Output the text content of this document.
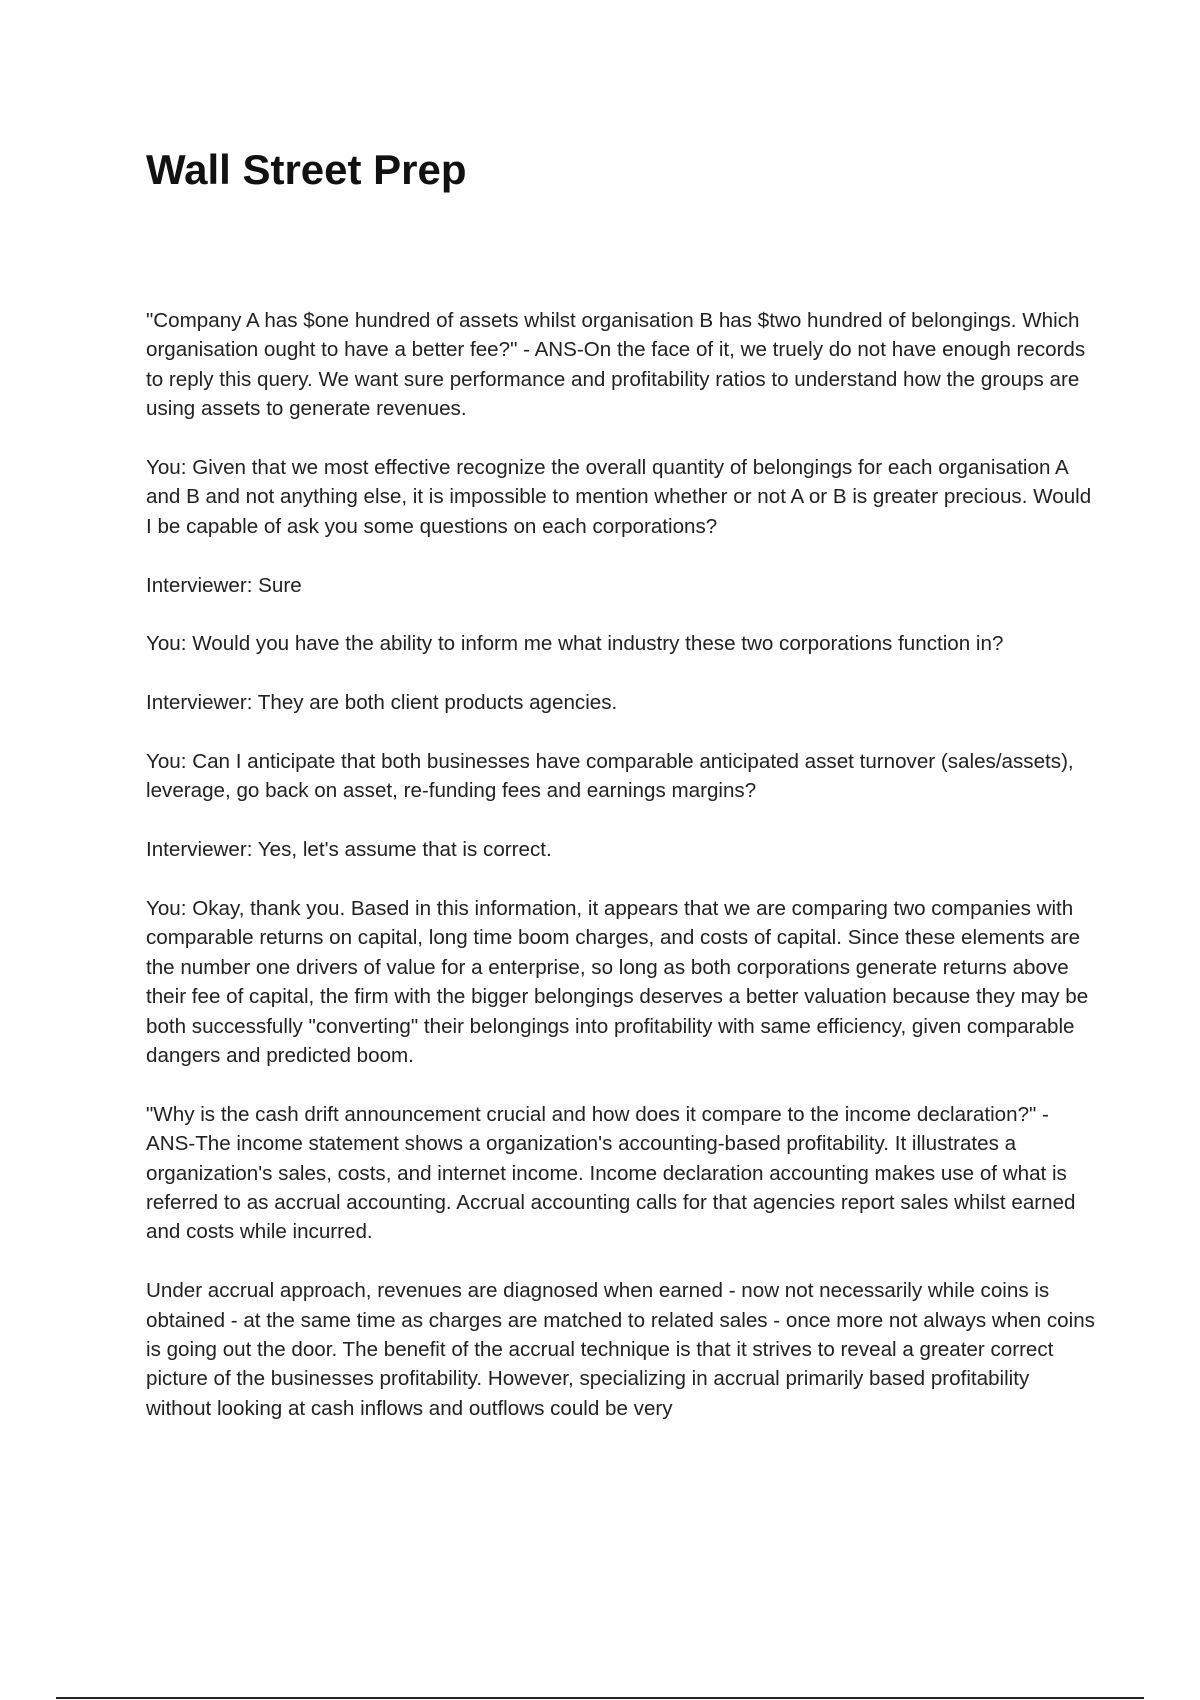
Wall Street Prep

"Company A has $one hundred of assets whilst organisation B has $two hundred of belongings. Which organisation ought to have a better fee?" - ANS-On the face of it, we truely do not have enough records to reply this query. We want sure performance and profitability ratios to understand how the groups are using assets to generate revenues.

You: Given that we most effective recognize the overall quantity of belongings for each organisation A and B and not anything else, it is impossible to mention whether or not A or B is greater precious. Would I be capable of ask you some questions on each corporations?

Interviewer: Sure

You: Would you have the ability to inform me what industry these two corporations function in?

Interviewer: They are both client products agencies.

You: Can I anticipate that both businesses have comparable anticipated asset turnover (sales/assets), leverage, go back on asset, re-funding fees and earnings margins?

Interviewer: Yes, let's assume that is correct.

You: Okay, thank you. Based in this information, it appears that we are comparing two companies with comparable returns on capital, long time boom charges, and costs of capital. Since these elements are the number one drivers of value for a enterprise, so long as both corporations generate returns above their fee of capital, the firm with the bigger belongings deserves a better valuation because they may be both successfully "converting" their belongings into profitability with same efficiency, given comparable dangers and predicted boom.

"Why is the cash drift announcement crucial and how does it compare to the income declaration?" - ANS-The income statement shows a organization's accounting-based profitability. It illustrates a organization's sales, costs, and internet income. Income declaration accounting makes use of what is referred to as accrual accounting. Accrual accounting calls for that agencies report sales whilst earned and costs while incurred.

Under accrual approach, revenues are diagnosed when earned - now not necessarily while coins is obtained - at the same time as charges are matched to related sales - once more not always when coins is going out the door. The benefit of the accrual technique is that it strives to reveal a greater correct picture of the businesses profitability. However, specializing in accrual primarily based profitability without looking at cash inflows and outflows could be very
